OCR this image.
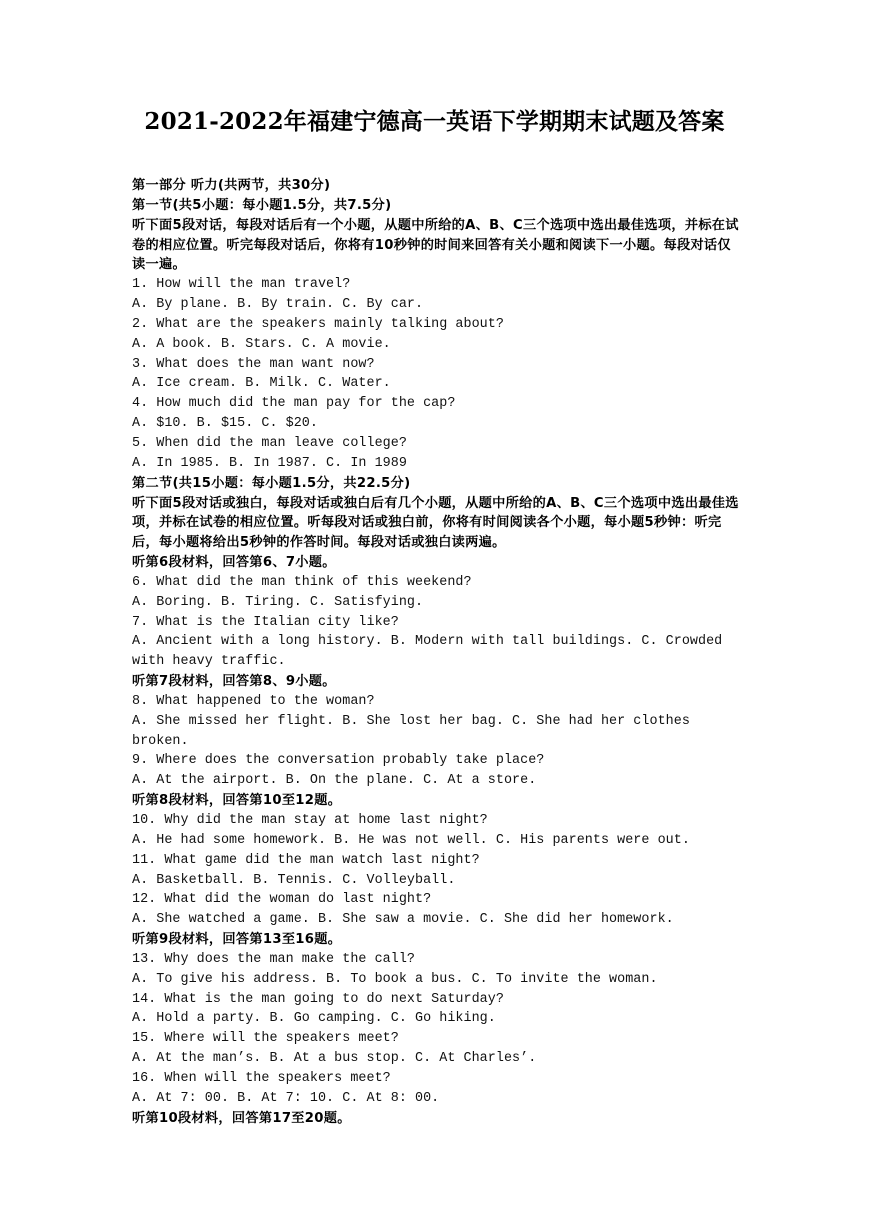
2021-2022年福建宁德高一英语下学期期末试题及答案
第一部分 听力(共两节，共30分)
第一节(共5小题：每小题1.5分，共7.5分)
听下面5段对话，每段对话后有一个小题，从题中所给的A、B、C三个选项中选出最佳选项，并标在试卷的相应位置。听完每段对话后，你将有10秒钟的时间来回答有关小题和阅读下一小题。每段对话仅读一遍。
1. How will the man travel?
A. By plane. B. By train. C. By car.
2. What are the speakers mainly talking about?
A. A book. B. Stars. C. A movie.
3. What does the man want now?
A. Ice cream. B. Milk. C. Water.
4. How much did the man pay for the cap?
A. $10. B. $15. C. $20.
5. When did the man leave college?
A. In 1985. B. In 1987. C. In 1989
第二节(共15小题：每小题1.5分，共22.5分)
听下面5段对话或独白，每段对话或独白后有几个小题，从题中所给的A、B、C三个选项中选出最佳选项，并标在试卷的相应位置。听每段对话或独白前，你将有时间阅读各个小题，每小题5秒钟：听完后，每小题将给出5秒钟的作答时间。每段对话或独白读两遍。
听第6段材料，回答第6、7小题。
6. What did the man think of this weekend?
A. Boring. B. Tiring. C. Satisfying.
7. What is the Italian city like?
A. Ancient with a long history. B. Modern with tall buildings. C. Crowded with heavy traffic.
听第7段材料，回答第8、9小题。
8. What happened to the woman?
A. She missed her flight. B. She lost her bag. C. She had her clothes broken.
9. Where does the conversation probably take place?
A. At the airport. B. On the plane. C. At a store.
听第8段材料，回答第10至12题。
10. Why did the man stay at home last night?
A. He had some homework. B. He was not well. C. His parents were out.
11. What game did the man watch last night?
A. Basketball. B. Tennis. C. Volleyball.
12. What did the woman do last night?
A. She watched a game. B. She saw a movie. C. She did her homework.
听第9段材料，回答第13至16题。
13. Why does the man make the call?
A. To give his address. B. To book a bus. C. To invite the woman.
14. What is the man going to do next Saturday?
A. Hold a party. B. Go camping. C. Go hiking.
15. Where will the speakers meet?
A. At the man’s. B. At a bus stop. C. At Charles’.
16. When will the speakers meet?
A. At 7: 00. B. At 7: 10. C. At 8: 00.
听第10段材料，回答第17至20题。
